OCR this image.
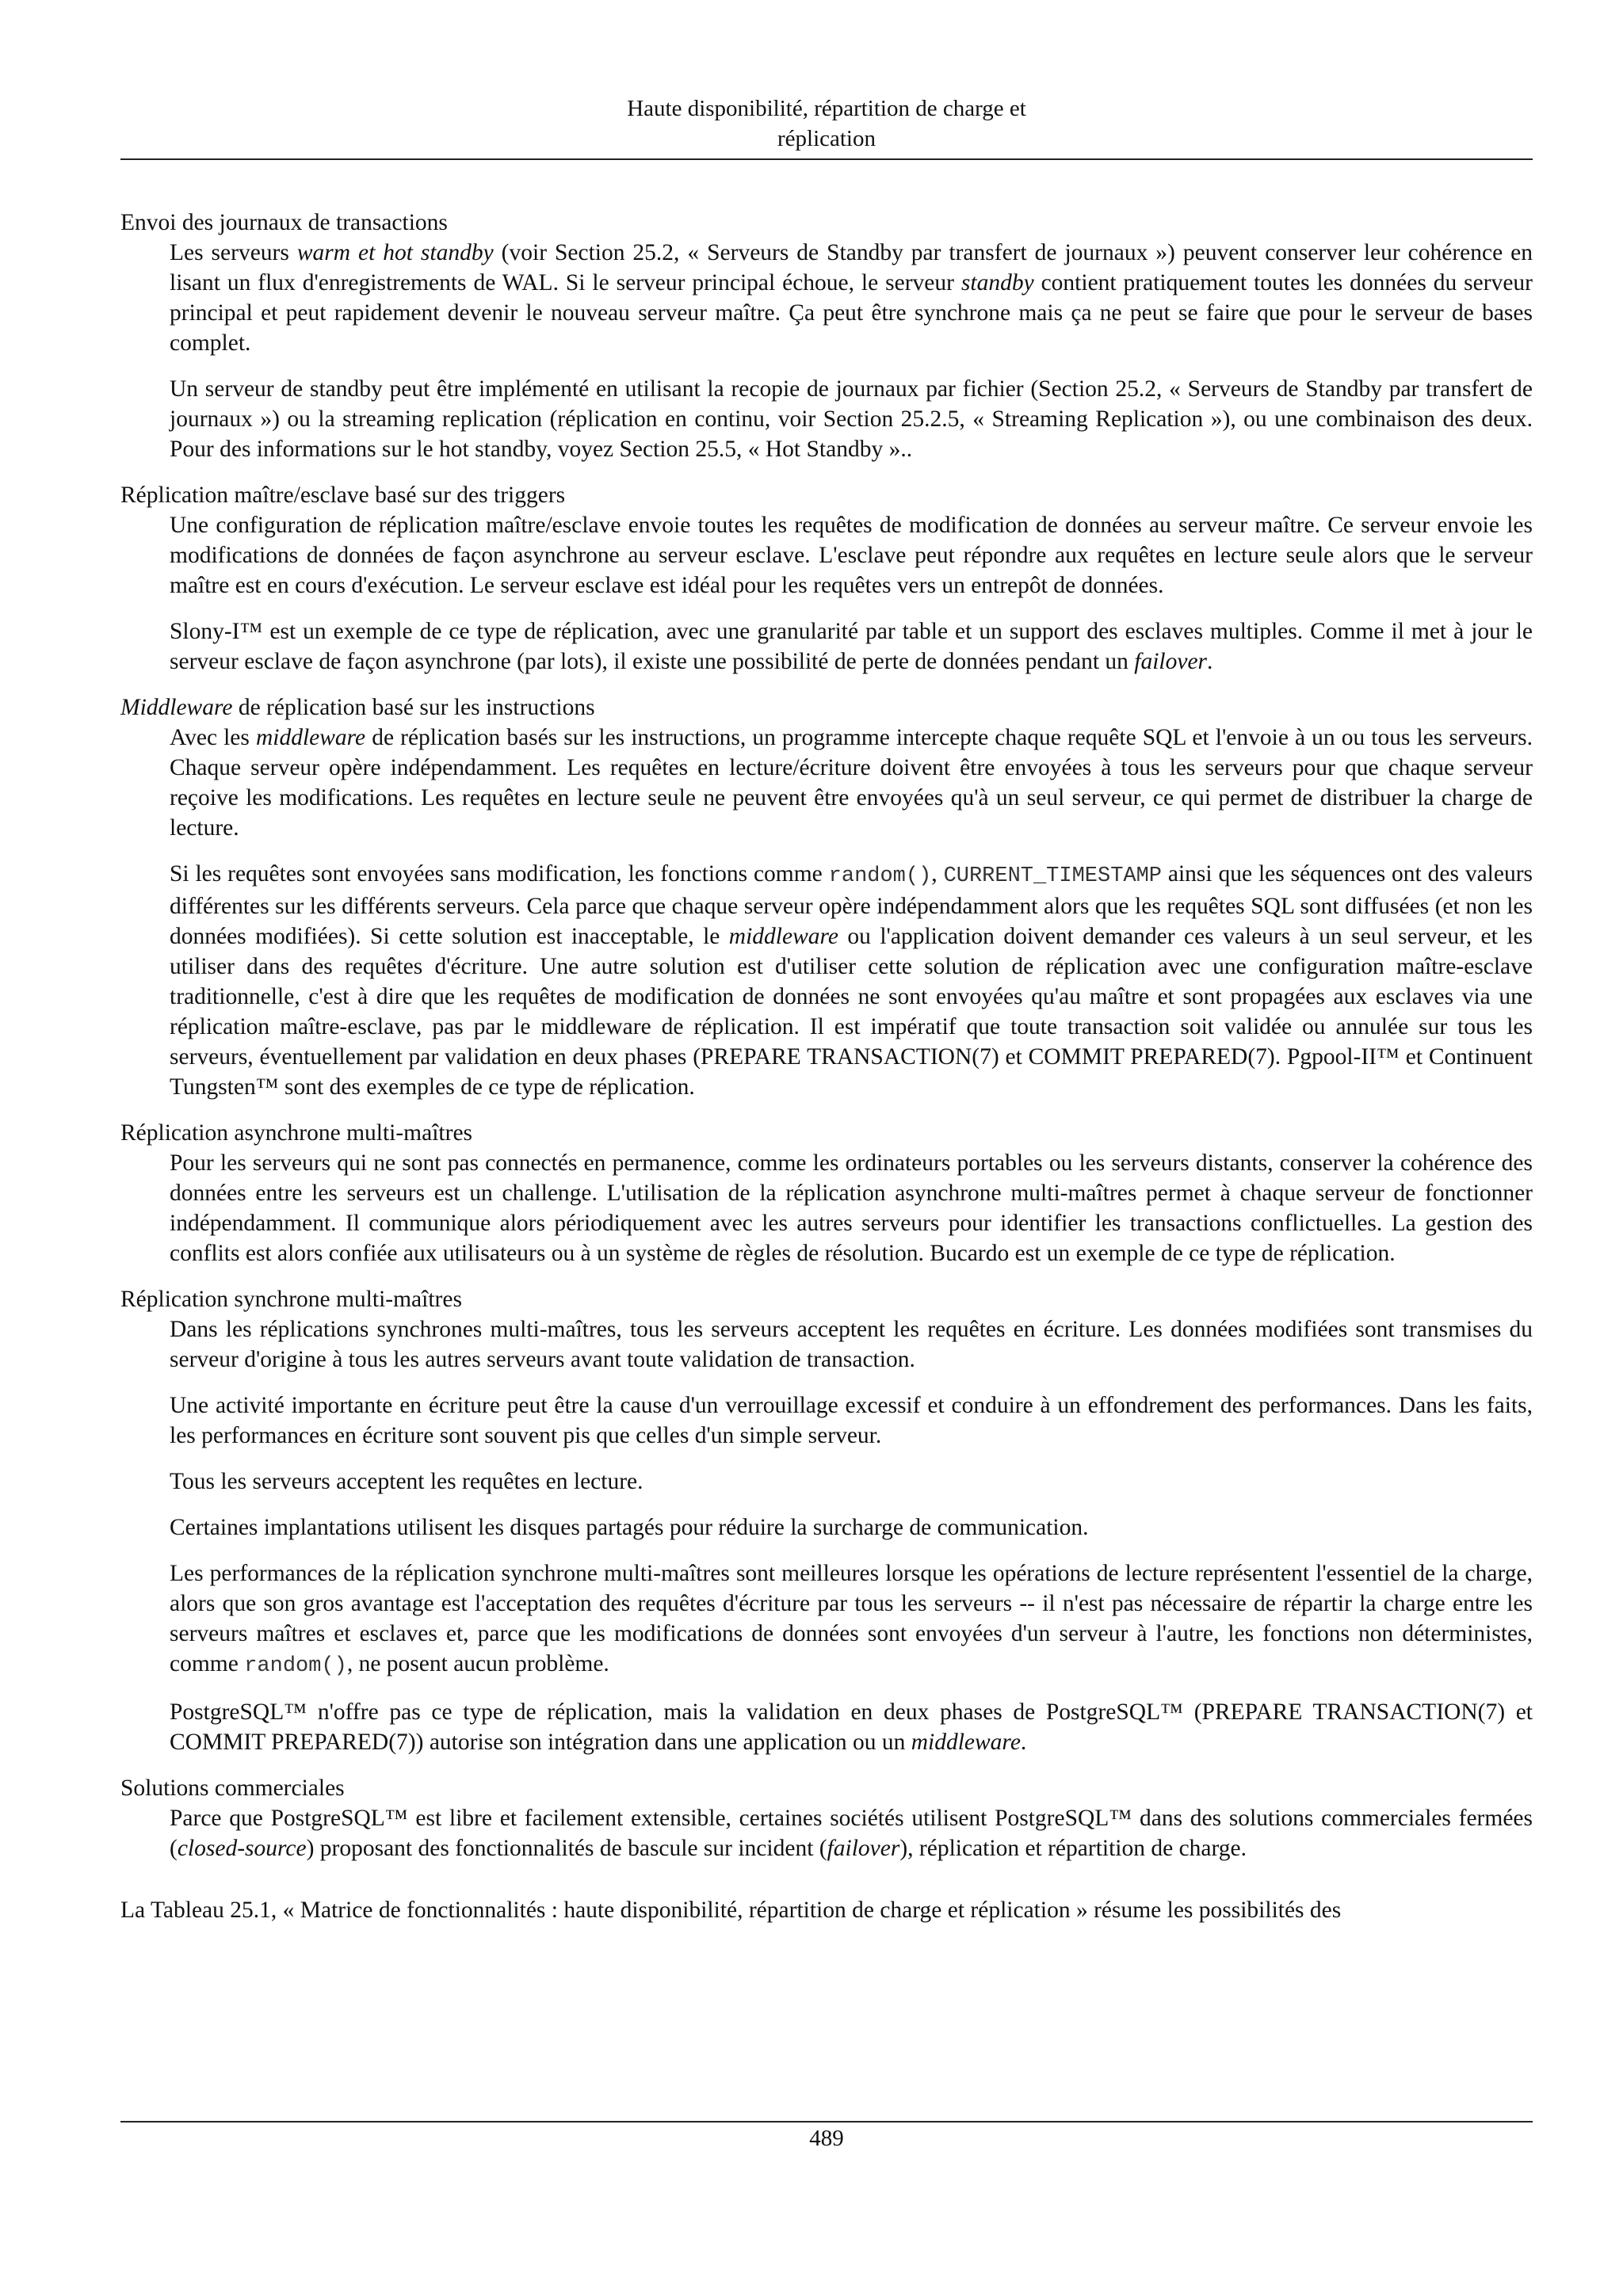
Haute disponibilité, répartition de charge et
réplication
Envoi des journaux de transactions

Les serveurs warm et hot standby (voir Section 25.2, « Serveurs de Standby par transfert de journaux ») peuvent conserver leur cohérence en lisant un flux d'enregistrements de WAL. Si le serveur principal échoue, le serveur standby contient pratiquement toutes les données du serveur principal et peut rapidement devenir le nouveau serveur maître. Ça peut être synchrone mais ça ne peut se faire que pour le serveur de bases complet.

Un serveur de standby peut être implémenté en utilisant la recopie de journaux par fichier (Section 25.2, « Serveurs de Standby par transfert de journaux ») ou la streaming replication (réplication en continu, voir Section 25.2.5, « Streaming Replication »), ou une combinaison des deux. Pour des informations sur le hot standby, voyez Section 25.5, « Hot Standby »..

Réplication maître/esclave basé sur des triggers

Une configuration de réplication maître/esclave envoie toutes les requêtes de modification de données au serveur maître. Ce serveur envoie les modifications de données de façon asynchrone au serveur esclave. L'esclave peut répondre aux requêtes en lecture seule alors que le serveur maître est en cours d'exécution. Le serveur esclave est idéal pour les requêtes vers un entrepôt de données.

Slony-I™ est un exemple de ce type de réplication, avec une granularité par table et un support des esclaves multiples. Comme il met à jour le serveur esclave de façon asynchrone (par lots), il existe une possibilité de perte de données pendant un failover.

Middleware de réplication basé sur les instructions

Avec les middleware de réplication basés sur les instructions, un programme intercepte chaque requête SQL et l'envoie à un ou tous les serveurs. Chaque serveur opère indépendamment. Les requêtes en lecture/écriture doivent être envoyées à tous les serveurs pour que chaque serveur reçoive les modifications. Les requêtes en lecture seule ne peuvent être envoyées qu'à un seul serveur, ce qui permet de distribuer la charge de lecture.

Si les requêtes sont envoyées sans modification, les fonctions comme random(), CURRENT_TIMESTAMP ainsi que les séquences ont des valeurs différentes sur les différents serveurs. Cela parce que chaque serveur opère indépendamment alors que les requêtes SQL sont diffusées (et non les données modifiées). Si cette solution est inacceptable, le middleware ou l'application doivent demander ces valeurs à un seul serveur, et les utiliser dans des requêtes d'écriture. Une autre solution est d'utiliser cette solution de réplication avec une configuration maître-esclave traditionnelle, c'est à dire que les requêtes de modification de données ne sont envoyées qu'au maître et sont propagées aux esclaves via une réplication maître-esclave, pas par le middleware de réplication. Il est impératif que toute transaction soit validée ou annulée sur tous les serveurs, éventuellement par validation en deux phases (PREPARE TRANSACTION(7) et COMMIT PREPARED(7). Pgpool-II™ et Continuent Tungsten™ sont des exemples de ce type de réplication.

Réplication asynchrone multi-maîtres

Pour les serveurs qui ne sont pas connectés en permanence, comme les ordinateurs portables ou les serveurs distants, conserver la cohérence des données entre les serveurs est un challenge. L'utilisation de la réplication asynchrone multi-maîtres permet à chaque serveur de fonctionner indépendamment. Il communique alors périodiquement avec les autres serveurs pour identifier les transactions conflictuelles. La gestion des conflits est alors confiée aux utilisateurs ou à un système de règles de résolution. Bucardo est un exemple de ce type de réplication.

Réplication synchrone multi-maîtres

Dans les réplications synchrones multi-maîtres, tous les serveurs acceptent les requêtes en écriture. Les données modifiées sont transmises du serveur d'origine à tous les autres serveurs avant toute validation de transaction.

Une activité importante en écriture peut être la cause d'un verrouillage excessif et conduire à un effondrement des performances. Dans les faits, les performances en écriture sont souvent pis que celles d'un simple serveur.

Tous les serveurs acceptent les requêtes en lecture.

Certaines implantations utilisent les disques partagés pour réduire la surcharge de communication.

Les performances de la réplication synchrone multi-maîtres sont meilleures lorsque les opérations de lecture représentent l'essentiel de la charge, alors que son gros avantage est l'acceptation des requêtes d'écriture par tous les serveurs -- il n'est pas nécessaire de répartir la charge entre les serveurs maîtres et esclaves et, parce que les modifications de données sont envoyées d'un serveur à l'autre, les fonctions non déterministes, comme random(), ne posent aucun problème.

PostgreSQL™ n'offre pas ce type de réplication, mais la validation en deux phases de PostgreSQL™ (PREPARE TRANSACTION(7) et COMMIT PREPARED(7)) autorise son intégration dans une application ou un middleware.

Solutions commerciales

Parce que PostgreSQL™ est libre et facilement extensible, certaines sociétés utilisent PostgreSQL™ dans des solutions commerciales fermées (closed-source) proposant des fonctionnalités de bascule sur incident (failover), réplication et répartition de charge.

La Tableau 25.1, « Matrice de fonctionnalités : haute disponibilité, répartition de charge et réplication » résume les possibilités des

489
